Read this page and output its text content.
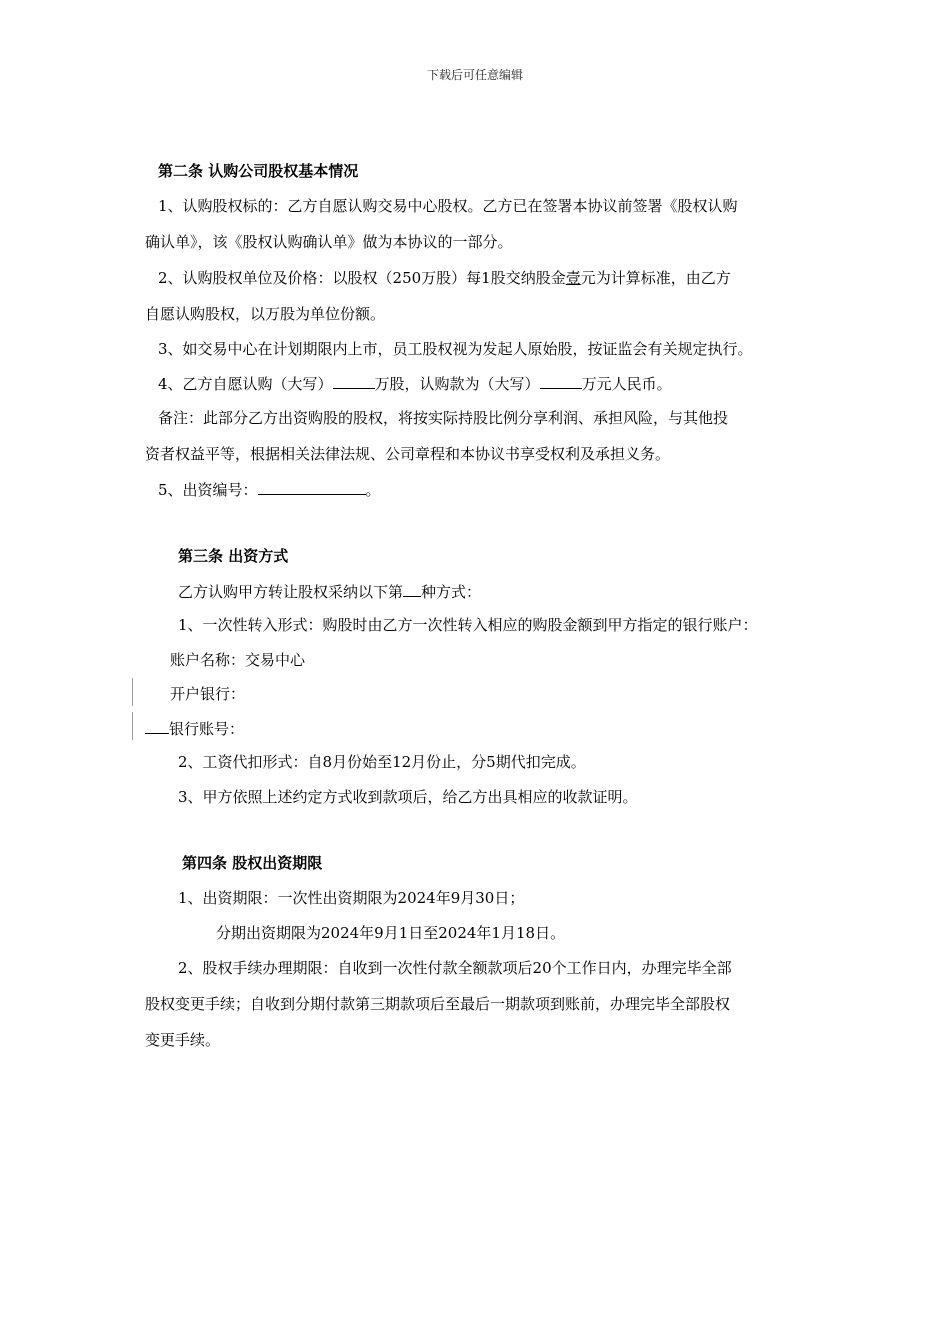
下载后可任意编辑
第二条 认购公司股权基本情况
1、认购股权标的：乙方自愿认购交易中心股权。乙方已在签署本协议前签署《股权认购
确认单》，该《股权认购确认单》做为本协议的一部分。
2、认购股权单位及价格：以股权（250万股）每1股交纳股金壹元为计算标准，由乙方
自愿认购股权，以万股为单位份额。
3、如交易中心在计划期限内上市，员工股权视为发起人原始股，按证监会有关规定执行。
4、乙方自愿认购（大写）	万股，认购款为（大写）	万元人民币。
备注：此部分乙方出资购股的股权，将按实际持股比例分享利润、承担风险，与其他投
资者权益平等，根据相关法律法规、公司章程和本协议书享受权利及承担义务。
5、出资编号：	。
第三条 出资方式
乙方认购甲方转让股权采纳以下第 种方式：
1、一次性转入形式：购股时由乙方一次性转入相应的购股金额到甲方指定的银行账户：
账户名称：交易中心
开户银行：
银行账号：
2、工资代扣形式：自8月份始至12月份止，分5期代扣完成。
3、甲方依照上述约定方式收到款项后，给乙方出具相应的收款证明。
第四条 股权出资期限
1、出资期限：一次性出资期限为2024年9月30日；
分期出资期限为2024年9月1日至2024年1月18日。
2、股权手续办理期限：自收到一次性付款全额款项后20个工作日内，办理完毕全部
股权变更手续；自收到分期付款第三期款项后至最后一期款项到账前，办理完毕全部股权
变更手续。
